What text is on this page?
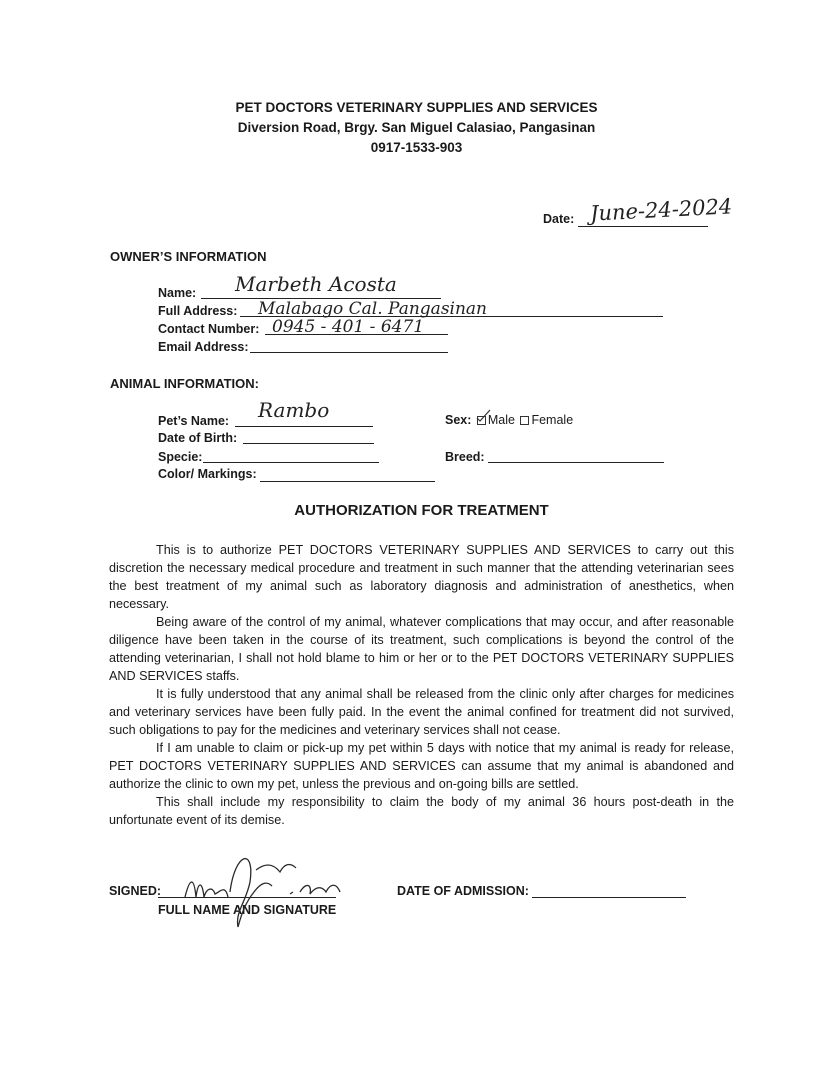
PET DOCTORS VETERINARY SUPPLIES AND SERVICES
Diversion Road, Brgy. San Miguel Calasiao, Pangasinan
0917-1533-903
Date: June-24-2024
OWNER’S INFORMATION
Name: Marbeth Acosta
Full Address: Malabago Cal. Pangasinan
Contact Number: 0945 - 401 - 6471
Email Address:
ANIMAL INFORMATION:
Pet’s Name: Rambo
Date of Birth:
Specie:
Color/ Markings:
Sex: Male Female
Breed:
AUTHORIZATION FOR TREATMENT

This is to authorize PET DOCTORS VETERINARY SUPPLIES AND SERVICES to carry out this discretion the necessary medical procedure and treatment in such manner that the attending veterinarian sees the best treatment of my animal such as laboratory diagnosis and administration of anesthetics, when necessary.

Being aware of the control of my animal, whatever complications that may occur, and after reasonable diligence have been taken in the course of its treatment, such complications is beyond the control of the attending veterinarian, I shall not hold blame to him or her or to the PET DOCTORS VETERINARY SUPPLIES AND SERVICES staffs.

It is fully understood that any animal shall be released from the clinic only after charges for medicines and veterinary services have been fully paid. In the event the animal confined for treatment did not survived, such obligations to pay for the medicines and veterinary services shall not cease.

If I am unable to claim or pick-up my pet within 5 days with notice that my animal is ready for release, PET DOCTORS VETERINARY SUPPLIES AND SERVICES can assume that my animal is abandoned and authorize the clinic to own my pet, unless the previous and on-going bills are settled.

This shall include my responsibility to claim the body of my animal 36 hours post-death in the unfortunate event of its demise.

SIGNED:
FULL NAME AND SIGNATURE
DATE OF ADMISSION:
